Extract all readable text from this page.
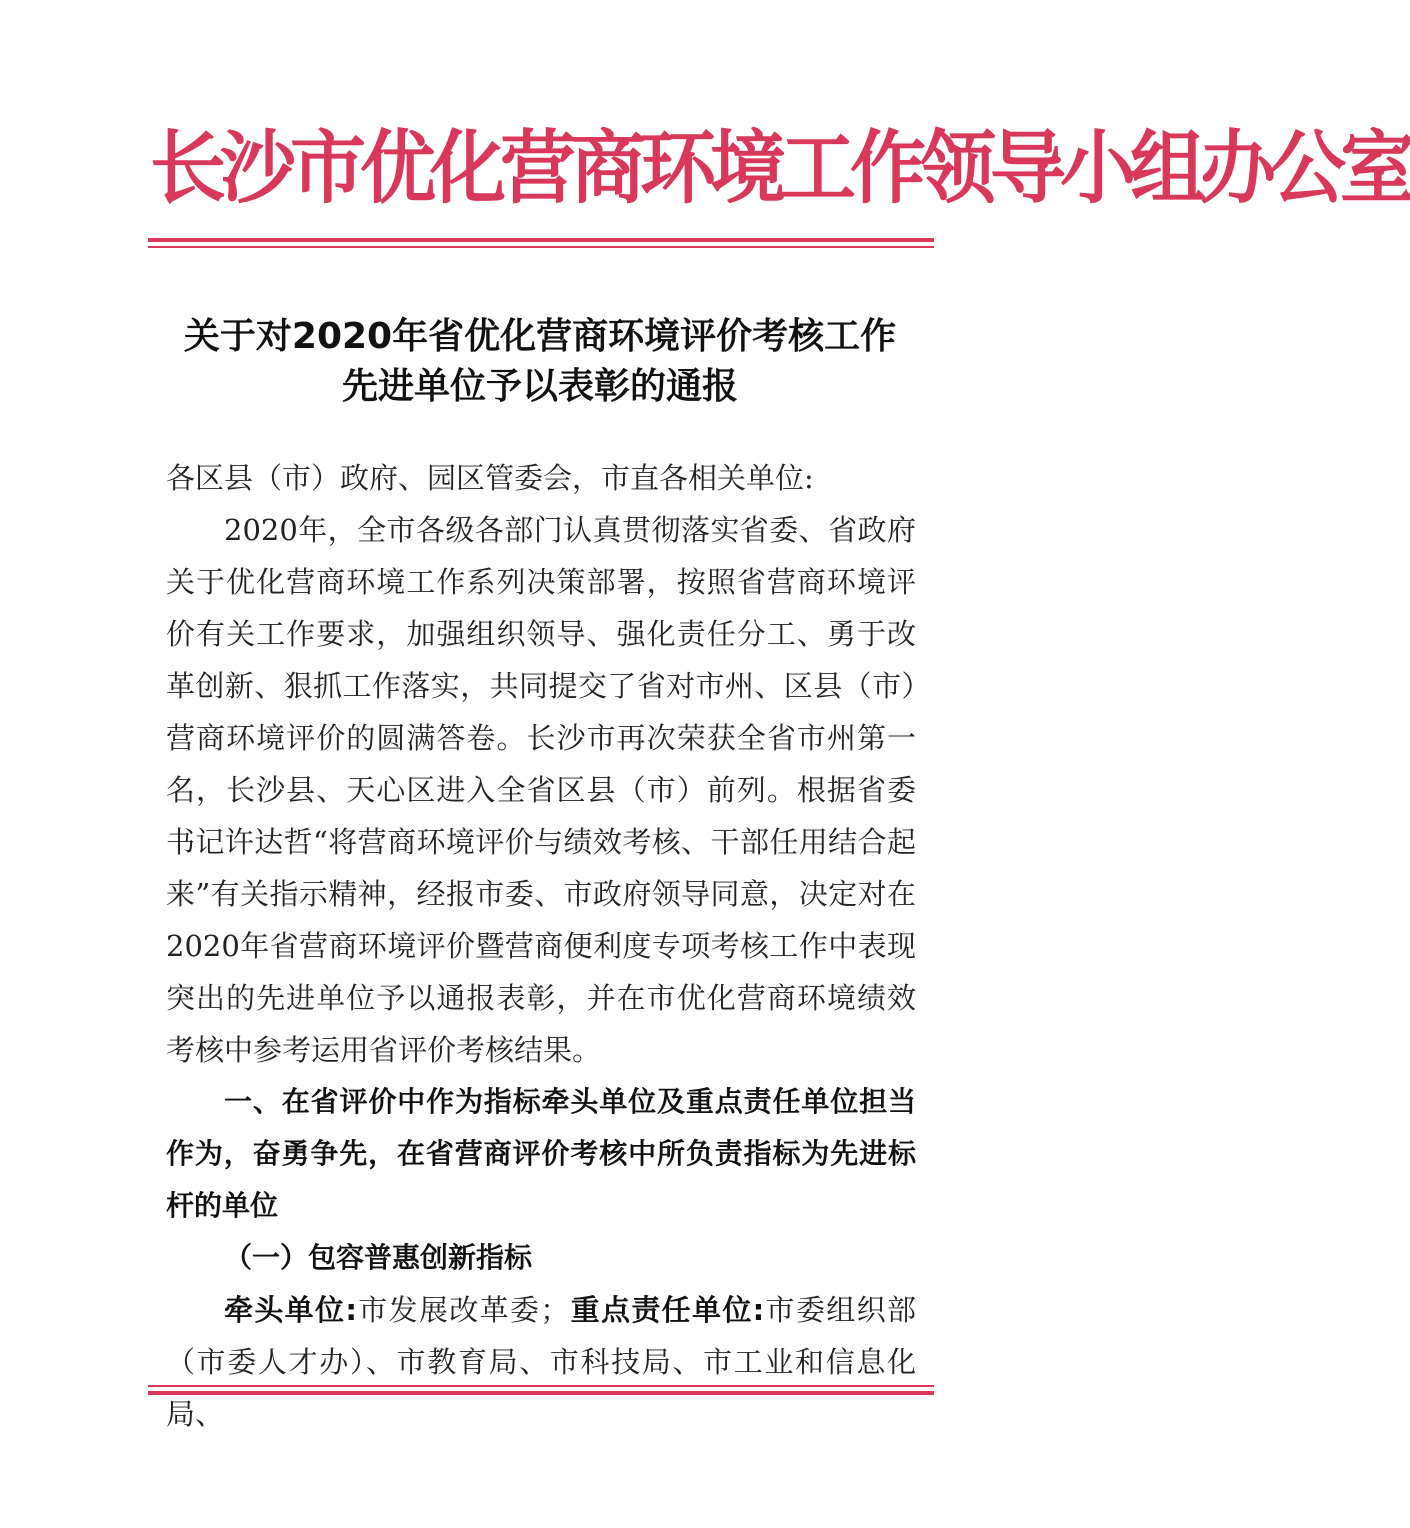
长沙市优化营商环境工作领导小组办公室
关于对2020年省优化营商环境评价考核工作
先进单位予以表彰的通报

各区县（市）政府、园区管委会，市直各相关单位:

2020年，全市各级各部门认真贯彻落实省委、省政府关于优化营商环境工作系列决策部署，按照省营商环境评价有关工作要求，加强组织领导、强化责任分工、勇于改革创新、狠抓工作落实，共同提交了省对市州、区县（市）营商环境评价的圆满答卷。长沙市再次荣获全省市州第一名，长沙县、天心区进入全省区县（市）前列。根据省委书记许达哲“将营商环境评价与绩效考核、干部任用结合起来”有关指示精神，经报市委、市政府领导同意，决定对在2020年省营商环境评价暨营商便利度专项考核工作中表现突出的先进单位予以通报表彰，并在市优化营商环境绩效考核中参考运用省评价考核结果。

一、在省评价中作为指标牵头单位及重点责任单位担当作为，奋勇争先，在省营商评价考核中所负责指标为先进标杆的单位

（一）包容普惠创新指标

牵头单位:市发展改革委；重点责任单位:市委组织部（市委人才办）、市教育局、市科技局、市工业和信息化局、
